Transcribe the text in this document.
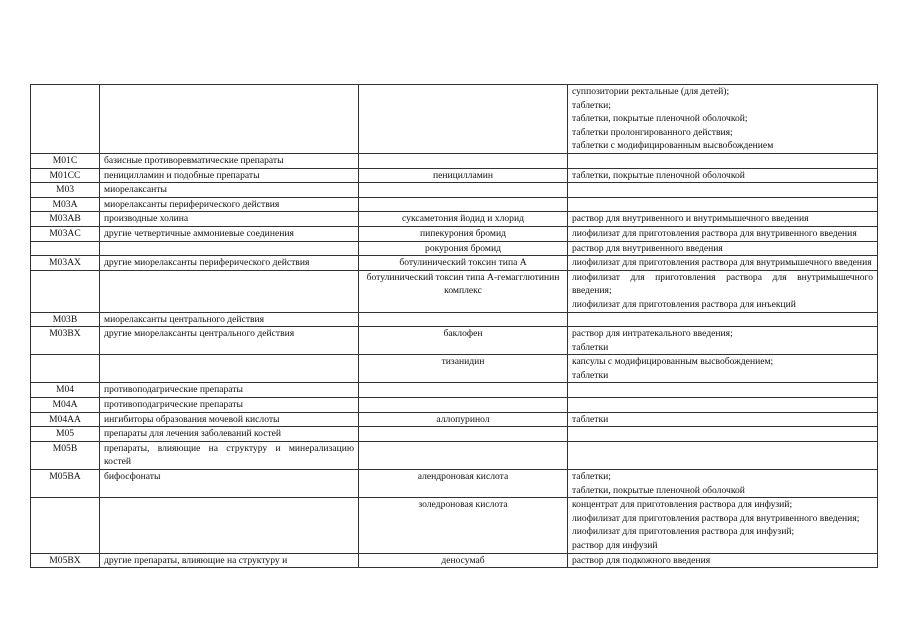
			суппозитории ректальные (для детей);
таблетки;
таблетки, покрытые пленочной оболочкой;
таблетки пролонгированного действия;
таблетки с модифицированным высвобождением

M01C	базисные противоревматические препараты		
M01CC	пеницилламин и подобные препараты	пеницилламин	таблетки, покрытые пленочной оболочкой

M03	миорелаксанты		
M03A	миорелаксанты периферического действия		
M03AB	производные холина	суксаметония йодид и хлорид	раствор для внутривенного и внутримышечного введения

M03AC	другие четвертичные аммониевые соединения	пипекурония бромид	лиофилизат для приготовления раствора для внутривенного введения

		рокурония бромид	раствор для внутривенного введения

M03AX	другие миорелаксанты периферического действия	ботулинический токсин типа A	лиофилизат для приготовления раствора для внутримышечного введения

		ботулинический токсин типа A-гемагглютинин комплекс	лиофилизат для приготовления раствора для внутримышечного введения;
лиофилизат для приготовления раствора для инъекций

M03B	миорелаксанты центрального действия		
M03BX	другие миорелаксанты центрального действия	баклофен	раствор для интратекального введения;
таблетки

		тизанидин	капсулы с модифицированным высвобождением;
таблетки

M04	противоподагрические препараты		
M04A	противоподагрические препараты		
M04AA	ингибиторы образования мочевой кислоты	аллопуринол	таблетки

M05	препараты для лечения заболеваний костей		
M05B	препараты, влияющие на структуру и минерализацию костей		
M05BA	бифосфонаты	алендроновая кислота	таблетки;
таблетки, покрытые пленочной оболочкой

		золедроновая кислота	концентрат для приготовления раствора для инфузий;
лиофилизат для приготовления раствора для внутривенного введения;
лиофилизат для приготовления раствора для инфузий;
раствор для инфузий

M05BX	другие препараты, влияющие на структуру и	деносумаб	раствор для подкожного введения
